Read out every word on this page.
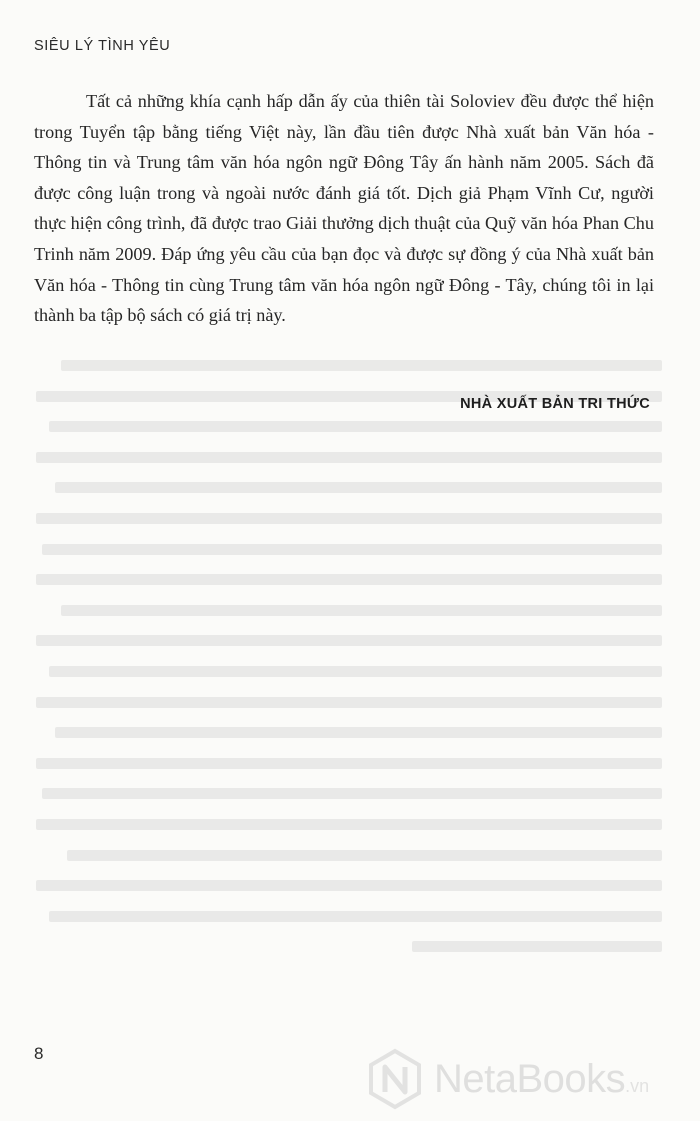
SIÊU LÝ TÌNH YÊU

Tất cả những khía cạnh hấp dẫn ấy của thiên tài Soloviev đều được thể hiện trong Tuyển tập bằng tiếng Việt này, lần đầu tiên được Nhà xuất bản Văn hóa - Thông tin và Trung tâm văn hóa ngôn ngữ Đông Tây ấn hành năm 2005. Sách đã được công luận trong và ngoài nước đánh giá tốt. Dịch giả Phạm Vĩnh Cư, người thực hiện công trình, đã được trao Giải thưởng dịch thuật của Quỹ văn hóa Phan Chu Trinh năm 2009. Đáp ứng yêu cầu của bạn đọc và được sự đồng ý của Nhà xuất bản Văn hóa - Thông tin cùng Trung tâm văn hóa ngôn ngữ Đông - Tây, chúng tôi in lại thành ba tập bộ sách có giá trị này.

NHÀ XUẤT BẢN TRI THỨC
8
NetaBooks.vn
